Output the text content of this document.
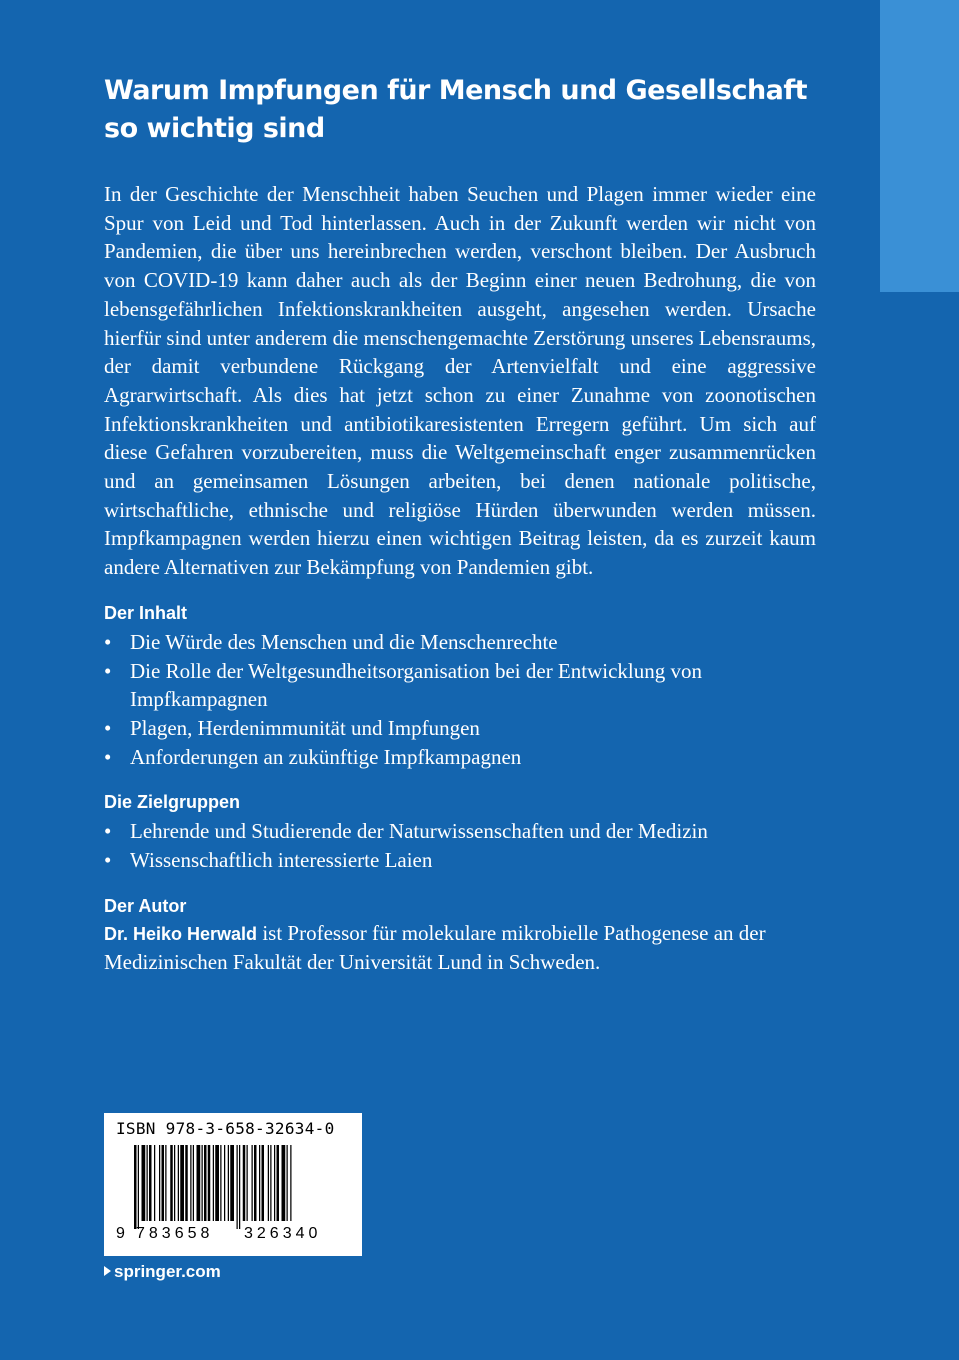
Warum Impfungen für Mensch und Gesellschaft so wichtig sind

In der Geschichte der Menschheit haben Seuchen und Plagen immer wieder eine Spur von Leid und Tod hinterlassen. Auch in der Zukunft werden wir nicht von Pandemien, die über uns hereinbrechen werden, verschont bleiben. Der Ausbruch von COVID-19 kann daher auch als der Beginn einer neuen Bedrohung, die von lebensgefährlichen Infektionskrankheiten ausgeht, angesehen werden. Ursache hierfür sind unter anderem die menschengemachte Zerstörung unseres Lebensraums, der damit verbundene Rückgang der Artenvielfalt und eine aggressive Agrarwirtschaft. Als dies hat jetzt schon zu einer Zunahme von zoonotischen Infektionskrankheiten und antibiotikaresistenten Erregern geführt. Um sich auf diese Gefahren vorzubereiten, muss die Weltgemeinschaft enger zusammenrücken und an gemeinsamen Lösungen arbeiten, bei denen nationale politische, wirtschaftliche, ethnische und religiöse Hürden überwunden werden müssen. Impfkampagnen werden hierzu einen wichtigen Beitrag leisten, da es zurzeit kaum andere Alternativen zur Bekämpfung von Pandemien gibt.

Der Inhalt
• Die Würde des Menschen und die Menschenrechte
• Die Rolle der Weltgesundheitsorganisation bei der Entwicklung von Impfkampagnen
• Plagen, Herdenimmunität und Impfungen
• Anforderungen an zukünftige Impfkampagnen
Die Zielgruppen
• Lehrende und Studierende der Naturwissenschaften und der Medizin
• Wissenschaftlich interessierte Laien
Der Autor

Dr. Heiko Herwald ist Professor für molekulare mikrobielle Pathogenese an der Medizinischen Fakultät der Universität Lund in Schweden.

ISBN 978-3-658-32634-0
9 783658 326340
springer.com
